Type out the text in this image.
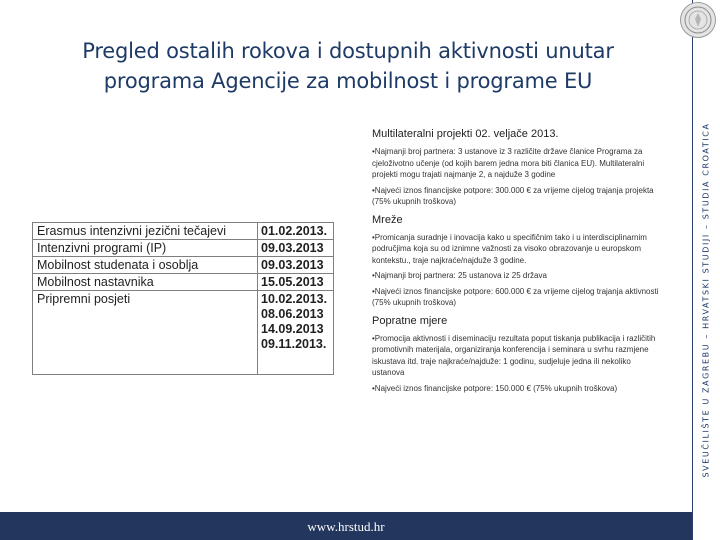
Pregled ostalih rokova i dostupnih aktivnosti unutar
programa Agencije za mobilnost i programe EU
SVEUČILIŠTE U ZAGREBU – HRVATSKI STUDIJI – STUDIA CROATICA
Erasmus intenzivni jezični tečajevi	01.02.2013.
Intenzivni programi (IP)	09.03.2013
Mobilnost studenata i osoblja	09.03.2013
Mobilnost nastavnika	15.05.2013
Pripremni posjeti	10.02.2013.
08.06.2013
14.09.2013
09.11.2013.
Multilateralni projekti 02. veljače 2013.
•Najmanji broj partnera: 3 ustanove iz 3 različite države članice Programa za cjeloživotno učenje (od kojih barem jedna mora biti članica EU). Multilateralni projekti mogu trajati najmanje 2, a najduže 3 godine
•Najveći iznos financijske potpore: 300.000 € za vrijeme cijelog trajanja projekta (75% ukupnih troškova)
Mreže
•Promicanja suradnje i inovacija kako u specifičnim tako i u interdisciplinarnim područjima koja su od iznimne važnosti za visoko obrazovanje u europskom kontekstu., traje najkraće/najduže 3 godine.
•Najmanji broj partnera: 25 ustanova iz 25 država
•Najveći iznos financijske potpore: 600.000 € za vrijeme cijelog trajanja aktivnosti (75% ukupnih troškova)
Popratne mjere
•Promocija aktivnosti i diseminaciju rezultata poput tiskanja publikacija i različitih promotivnih materijala, organiziranja konferencija i seminara u svrhu razmjene iskustava itd. traje najkraće/najduže: 1 godinu, sudjeluje jedna ili nekoliko ustanova
•Najveći iznos financijske potpore: 150.000 € (75% ukupnih troškova)
www.hrstud.hr
